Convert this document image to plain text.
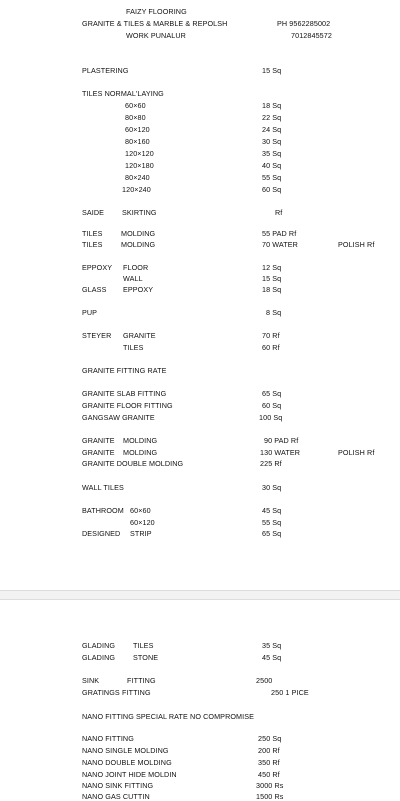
FAIZY FLOORING
GRANITE & TILES & MARBLE & REPOLSH
WORK PUNALUR
PH 9562285002
7012845572
PLASTERING	15 Sq
TILES NORMAL'LAYING
60×60	18 Sq
80×80	22 Sq
60×120	24 Sq
80×160	30 Sq
120×120	35 Sq
120×180	40 Sq
80×240	55 Sq
120×240	60 Sq
SAIDE SKIRTING	Rf
TILES	MOLDING	55 PAD Rf
TILES	MOLDING	70 WATER	POLISH Rf
EPPOXY FLOOR	12 Sq
WALL	15 Sq
GLASS EPPOXY	18 Sq
PUP	8 Sq
STEYER GRANITE	70 Rf
TILES	60 Rf
GRANITE FITTING RATE
GRANITE SLAB FITTING	65 Sq
GRANITE FLOOR FITTING	60 Sq
GANGSAW GRANITE	100 Sq
GRANITE MOLDING	90 PAD Rf
GRANITE MOLDING	130 WATER	POLISH Rf
GRANITE DOUBLE MOLDING	225 Rf
WALL TILES	30 Sq
BATHROOM 60×60	45 Sq
60×120	55 Sq
DESIGNED STRIP	65 Sq
GLADING TILES	35 Sq
GLADING STONE	45 Sq
SINK	FITTING	2500
GRATINGS FITTING	250 1 PICE
NANO FITTING SPECIAL RATE NO COMPROMISE
NANO FITTING	250 Sq
NANO SINGLE MOLDING	200 Rf
NANO DOUBLE MOLDING	350 Rf
NANO JOINT HIDE MOLDIN	450 Rf
NANO SINK FITTING	3000 Rs
NANO GAS CUTTIN	1500 Rs
